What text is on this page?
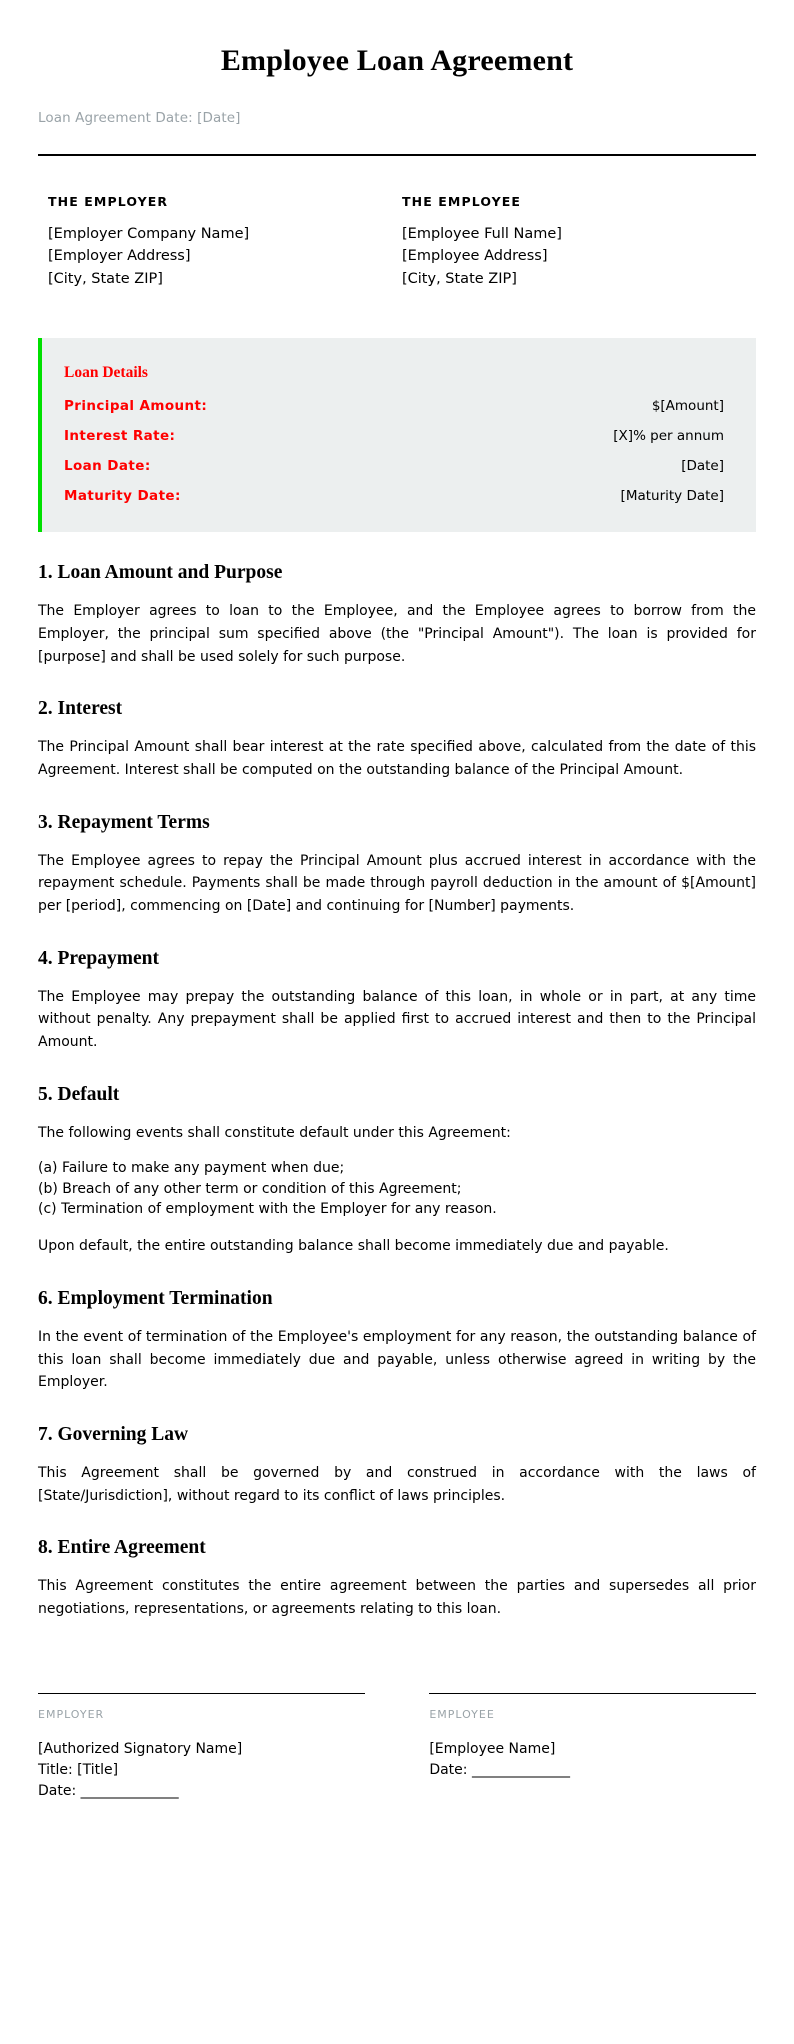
Employee Loan Agreement
Loan Agreement Date: [Date]
THE EMPLOYER
[Employer Company Name]
[Employer Address]
[City, State ZIP]
THE EMPLOYEE
[Employee Full Name]
[Employee Address]
[City, State ZIP]
Loan Details
Principal Amount:	$[Amount]
Interest Rate:	[X]% per annum
Loan Date:	[Date]
Maturity Date:	[Maturity Date]
1. Loan Amount and Purpose

The Employer agrees to loan to the Employee, and the Employee agrees to borrow from the Employer, the principal sum specified above (the "Principal Amount"). The loan is provided for [purpose] and shall be used solely for such purpose.

2. Interest

The Principal Amount shall bear interest at the rate specified above, calculated from the date of this Agreement. Interest shall be computed on the outstanding balance of the Principal Amount.

3. Repayment Terms

The Employee agrees to repay the Principal Amount plus accrued interest in accordance with the repayment schedule. Payments shall be made through payroll deduction in the amount of $[Amount] per [period], commencing on [Date] and continuing for [Number] payments.

4. Prepayment

The Employee may prepay the outstanding balance of this loan, in whole or in part, at any time without penalty. Any prepayment shall be applied first to accrued interest and then to the Principal Amount.

5. Default

The following events shall constitute default under this Agreement:

(a) Failure to make any payment when due;
(b) Breach of any other term or condition of this Agreement;
(c) Termination of employment with the Employer for any reason.

Upon default, the entire outstanding balance shall become immediately due and payable.

6. Employment Termination

In the event of termination of the Employee's employment for any reason, the outstanding balance of this loan shall become immediately due and payable, unless otherwise agreed in writing by the Employer.

7. Governing Law

This Agreement shall be governed by and construed in accordance with the laws of [State/Jurisdiction], without regard to its conflict of laws principles.

8. Entire Agreement

This Agreement constitutes the entire agreement between the parties and supersedes all prior negotiations, representations, or agreements relating to this loan.

EMPLOYER
[Authorized Signatory Name]
Title: [Title]
Date: ______________
EMPLOYEE
[Employee Name]
Date: ______________
